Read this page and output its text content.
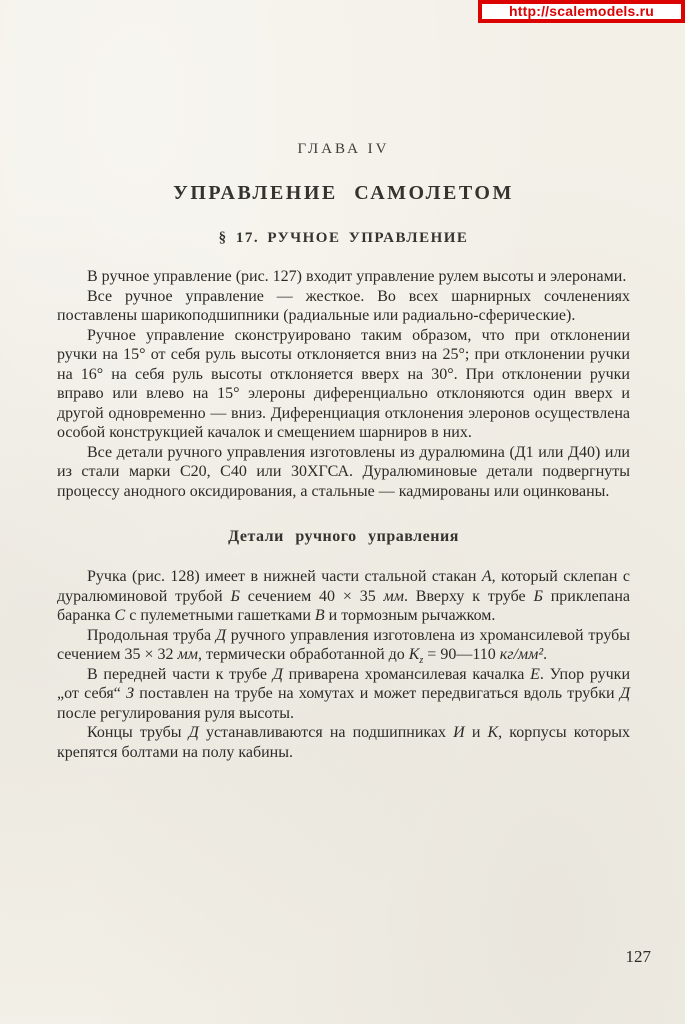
http://scalemodels.ru
ГЛАВА IV
УПРАВЛЕНИЕ САМОЛЕТОМ
§ 17. РУЧНОЕ УПРАВЛЕНИЕ

В ручное управление (рис. 127) входит управление рулем высоты и элеронами.

Все ручное управление — жесткое. Во всех шарнирных сочленениях поставлены шарикоподшипники (радиальные или радиально-сферические).

Ручное управление сконструировано таким образом, что при отклонении ручки на 15° от себя руль высоты отклоняется вниз на 25°; при отклонении ручки на 16° на себя руль высоты отклоняется вверх на 30°. При отклонении ручки вправо или влево на 15° элероны диференциально отклоняются один вверх и другой одновременно — вниз. Диференциация отклонения элеронов осуществлена особой конструкцией качалок и смещением шарниров в них.

Все детали ручного управления изготовлены из дуралюмина (Д1 или Д40) или из стали марки С20, С40 или 30ХГСА. Дуралюминовые детали подвергнуты процессу анодного оксидирования, а стальные — кадмированы или оцинкованы.

Детали ручного управления

Ручка (рис. 128) имеет в нижней части стальной стакан А, который склепан с дуралюминовой трубой Б сечением 40 × 35 мм. Вверху к трубе Б приклепана баранка С с пулеметными гашетками В и тормозным рычажком.

Продольная труба Д ручного управления изготовлена из хромансилевой трубы сечением 35 × 32 мм, термически обработанной до $К_z$ = 90—110 кг/мм².

В передней части к трубе Д приварена хромансилевая качалка Е. Упор ручки „от себя“ З поставлен на трубе на хомутах и может передвигаться вдоль трубки Д после регулирования руля высоты.

Концы трубы Д устанавливаются на подшипниках И и К, корпусы которых крепятся болтами на полу кабины.

127
